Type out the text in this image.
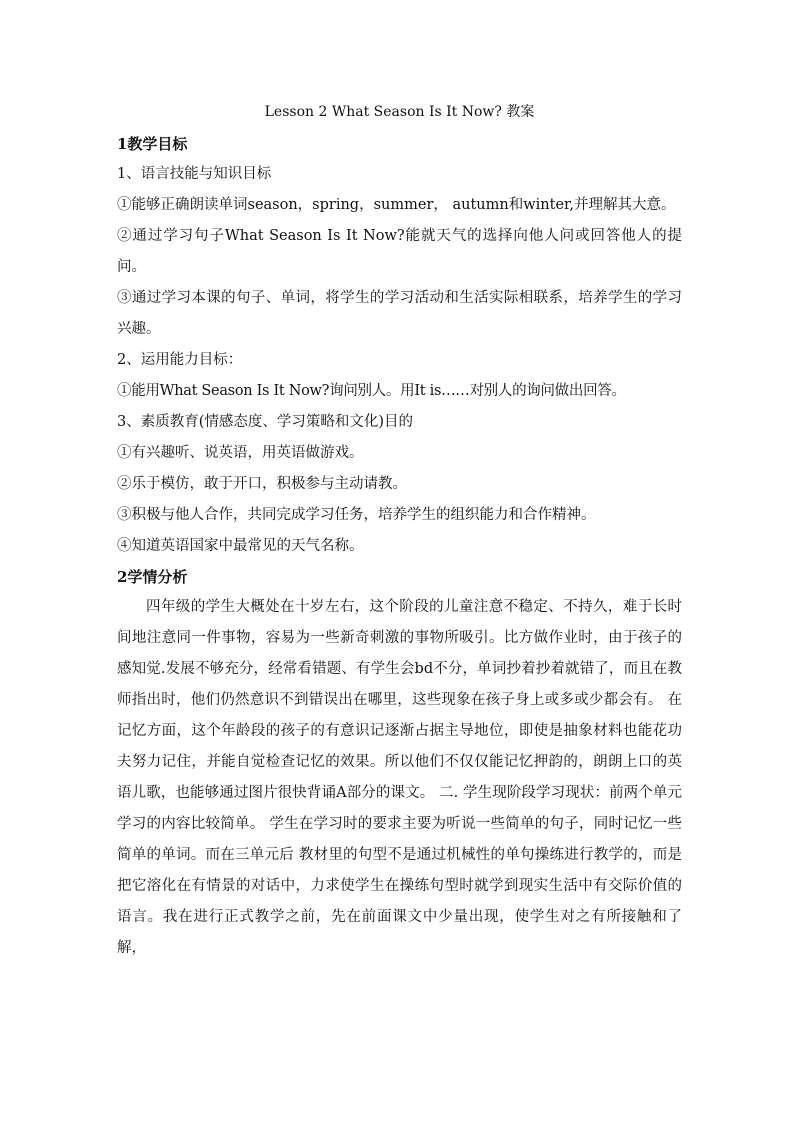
Lesson 2 What Season Is It Now? 教案
1教学目标
1、语言技能与知识目标
①能够正确朗读单词season，spring，summer， autumn和winter,并理解其大意。
②通过学习句子What Season Is It Now?能就天气的选择向他人问或回答他人的提问。
③通过学习本课的句子、单词，将学生的学习活动和生活实际相联系，培养学生的学习兴趣。
2、运用能力目标：
①能用What Season Is It Now?询问别人。用It is……对别人的询问做出回答。
3、素质教育(情感态度、学习策略和文化)目的
①有兴趣听、说英语，用英语做游戏。
②乐于模仿，敢于开口，积极参与主动请教。
③积极与他人合作，共同完成学习任务，培养学生的组织能力和合作精神。
④知道英语国家中最常见的天气名称。
2学情分析
四年级的学生大概处在十岁左右，这个阶段的儿童注意不稳定、不持久，难于长时间地注意同一件事物，容易为一些新奇刺激的事物所吸引。比方做作业时，由于孩子的感知觉.发展不够充分，经常看错题、有学生会bd不分，单词抄着抄着就错了，而且在教师指出时，他们仍然意识不到错误出在哪里，这些现象在孩子身上或多或少都会有。 在记忆方面，这个年龄段的孩子的有意识记逐渐占据主导地位，即使是抽象材料也能花功夫努力记住，并能自觉检查记忆的效果。所以他们不仅仅能记忆押韵的，朗朗上口的英语儿歌，也能够通过图片很快背诵A部分的课文。 二. 学生现阶段学习现状：前两个单元学习的内容比较简单。 学生在学习时的要求主要为听说一些简单的句子，同时记忆一些简单的单词。而在三单元后 教材里的句型不是通过机械性的单句操练进行教学的，而是把它溶化在有情景的对话中，力求使学生在操练句型时就学到现实生活中有交际价值的语言。我在进行正式教学之前，先在前面课文中少量出现，使学生对之有所接触和了解，
